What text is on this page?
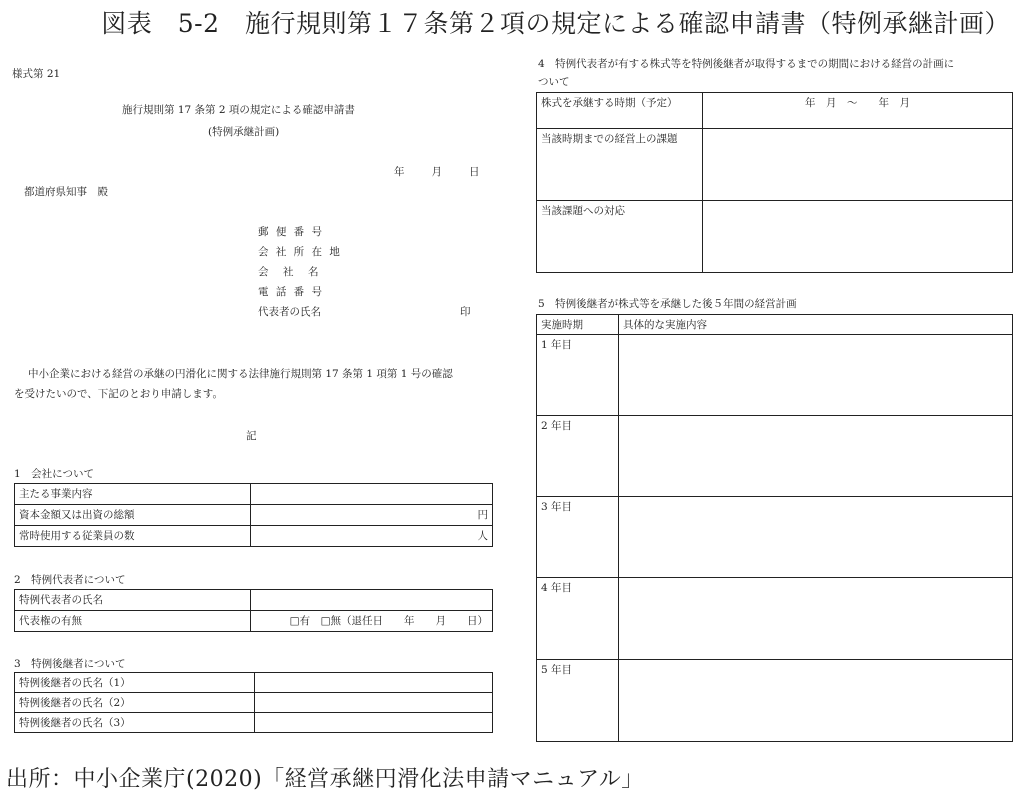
図表　5-2　施行規則第１７条第２項の規定による確認申請書（特例承継計画）
様式第 21
施行規則第 17 条第 2 項の規定による確認申請書
(特例承継計画)
年　　月　　日
都道府県知事　殿
郵 便 番 号
会 社 所 在 地
会　社　名
電 話 番 号
代表者の氏名	印
中小企業における経営の承継の円滑化に関する法律施行規則第 17 条第 1 項第 1 号の確認
を受けたいので、下記のとおり申請します。
記
1　会社について
主たる事業内容	
資本金額又は出資の総額	円
常時使用する従業員の数	人
2　特例代表者について
特例代表者の氏名	
代表権の有無	□有　□無（退任日　　年　　月　　日）
3　特例後継者について
特例後継者の氏名（1）	
特例後継者の氏名（2）	
特例後継者の氏名（3）	
4　特例代表者が有する株式等を特例後継者が取得するまでの期間における経営の計画に
ついて
株式を承継する時期（予定）	年　月　～　　年　月
当該時期までの経営上の課題	
当該課題への対応	
5　特例後継者が株式等を承継した後５年間の経営計画
実施時期	具体的な実施内容
1 年目	
2 年目	
3 年目	
4 年目	
5 年目	
出所：中小企業庁(2020)「経営承継円滑化法申請マニュアル」
